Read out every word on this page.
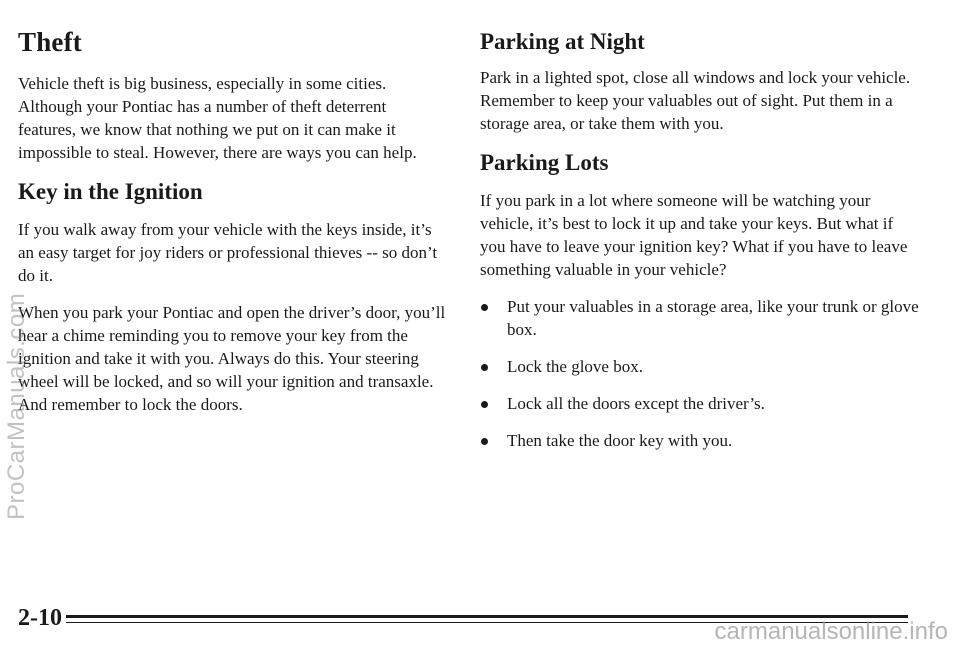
Theft

Vehicle theft is big business, especially in some cities. Although your Pontiac has a number of theft deterrent features, we know that nothing we put on it can make it impossible to steal. However, there are ways you can help.

Key in the Ignition

If you walk away from your vehicle with the keys inside, it’s an easy target for joy riders or professional thieves -- so don’t do it.

When you park your Pontiac and open the driver’s door, you’ll hear a chime reminding you to remove your key from the ignition and take it with you. Always do this. Your steering wheel will be locked, and so will your ignition and transaxle. And remember to lock the doors.

Parking at Night

Park in a lighted spot, close all windows and lock your vehicle. Remember to keep your valuables out of sight. Put them in a storage area, or take them with you.

Parking Lots

If you park in a lot where someone will be watching your vehicle, it’s best to lock it up and take your keys. But what if you have to leave your ignition key? What if you have to leave something valuable in your vehicle?

Put your valuables in a storage area, like your trunk or glove box.
Lock the glove box.
Lock all the doors except the driver’s.
Then take the door key with you.
2-10
ProCarManuals.com
carmanualsonline.info
